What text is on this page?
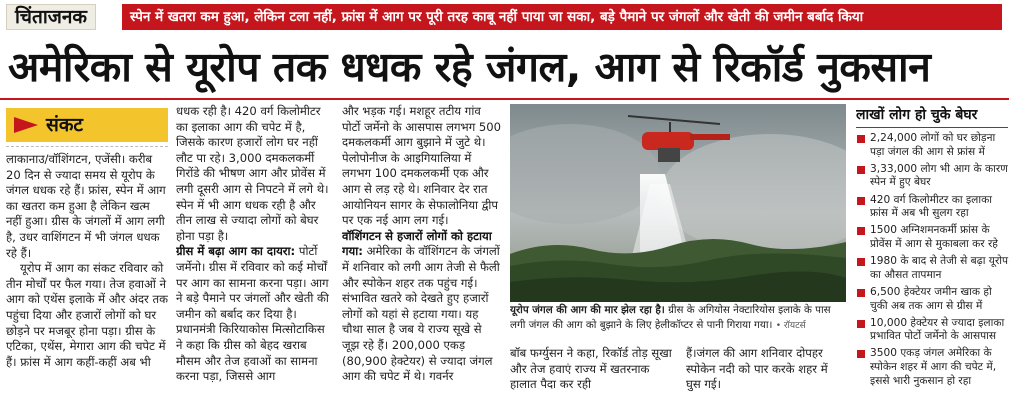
चिंताजनक	स्पेन में खतरा कम हुआ, लेकिन टला नहीं, फ्रांस में आग पर पूरी तरह काबू नहीं पाया जा सका, बड़े पैमाने पर जंगलों और खेती की जमीन बर्बाद किया
अमेरिका से यूरोप तक धधक रहे जंगल, आग से रिकॉर्ड नुकसान
संकट

लाकानाउ/वॉशिंगटन, एजेंसी। करीब 20 दिन से ज्यादा समय से यूरोप के जंगल धधक रहे हैं। फ्रांस, स्पेन में आग का खतरा कम हुआ है लेकिन खत्म नहीं हुआ। ग्रीस के जंगलों में आग लगी है, उधर वाशिंगटन में भी जंगल धधक रहे हैं।

यूरोप में आग का संकट रविवार को तीन मोर्चों पर फैल गया। तेज हवाओं ने आग को एथेंस इलाके में और अंदर तक पहुंचा दिया और हजारों लोगों को घर छोड़ने पर मजबूर होना पड़ा। ग्रीस के एटिका, एथेंस, मेगारा आग की चपेट में हैं। फ्रांस में आग कहीं-कहीं अब भी

धधक रही है। 420 वर्ग किलोमीटर का इलाका आग की चपेट में है, जिसके कारण हजारों लोग घर नहीं लौट पा रहे। 3,000 दमकलकर्मी गिरोंडे की भीषण आग और प्रोवेंस में लगी दूसरी आग से निपटने में लगे थे। स्पेन में भी आग धधक रही है और तीन लाख से ज्यादा लोगों को बेघर होना पड़ा है।

ग्रीस में बढ़ा आग का दायरा: पोर्टो जर्मेनो। ग्रीस में रविवार को कई मोर्चों पर आग का सामना करना पड़ा। आग ने बड़े पैमाने पर जंगलों और खेती की जमीन को बर्बाद कर दिया है। प्रधानमंत्री किरियाकोस मित्सोटाकिस ने कहा कि ग्रीस को बेहद खराब मौसम और तेज हवाओं का सामना करना पड़ा, जिससे आग

और भड़क गई। मशहूर तटीय गांव पोर्टो जर्मेनो के आसपास लगभग 500 दमकलकर्मी आग बुझाने में जुटे थे। पेलोपोनीज के आइगियालिया में लगभग 100 दमकलकर्मी एक और आग से लड़ रहे थे। शनिवार देर रात आयोनियन सागर के सेफालोनिया द्वीप पर एक नई आग लग गई।

वॉशिंगटन से हजारों लोगों को हटाया गया: अमेरिका के वॉशिंगटन के जंगलों में शनिवार को लगी आग तेजी से फैली और स्पोकेन शहर तक पहुंच गई। संभावित खतरे को देखते हुए हजारों लोगों को यहां से हटाया गया। यह चौथा साल है जब ये राज्य सूखे से जूझ रहे हैं। 200,000 एकड़ (80,900 हेक्टेयर) से ज्यादा जंगल आग की चपेट में थे। गवर्नर

यूरोप जंगल की आग की मार झेल रहा है। ग्रीस के अगियोस नेक्टारियोस इलाके के पास लगी जंगल की आग को बुझाने के लिए हेलीकॉप्टर से पानी गिराया गया। • रॉयटर्स

बॉब फर्ग्युसन ने कहा, रिकॉर्ड तोड़ सूखा और तेज हवाएं राज्य में खतरनाक हालात पैदा कर रही

हैं।जंगल की आग शनिवार दोपहर स्पोकेन नदी को पार करके शहर में घुस गई।

लाखों लोग हो चुके बेघर
2,24,000 लोगों को घर छोड़ना पड़ा जंगल की आग से फ्रांस में
3,33,000 लोग भी आग के कारण स्पेन में हुए बेघर
420 वर्ग किलोमीटर का इलाका फ्रांस में अब भी सुलग रहा
1500 अग्निशमनकर्मी फ्रांस के प्रोवेंस में आग से मुकाबला कर रहे
1980 के बाद से तेजी से बढ़ा यूरोप का औसत तापमान
6,500 हेक्टेयर जमीन खाक हो चुकी अब तक आग से ग्रीस में
10,000 हेक्टेयर से ज्यादा इलाका प्रभावित पोर्टो जर्मेनो के आसपास
3500 एकड़ जंगल अमेरिका के स्पोकेन शहर में आग की चपेट में, इससे भारी नुकसान हो रहा
